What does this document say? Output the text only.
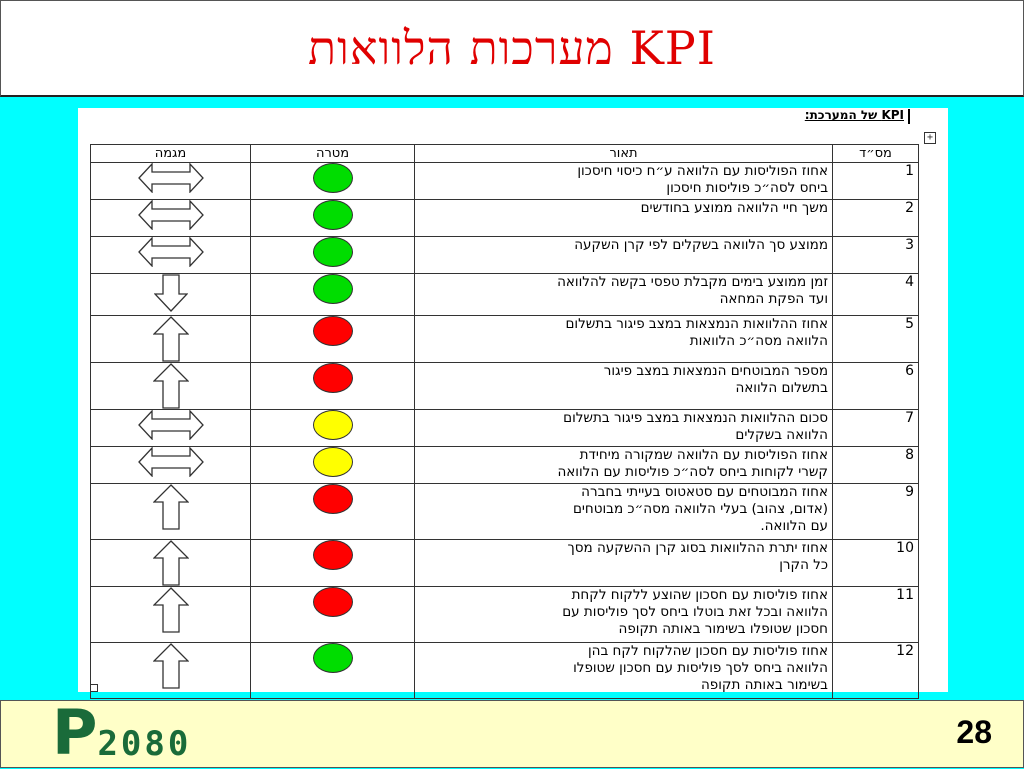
KPI מערכות הלוואות
KPI של המערכת:
+
מס״ד	תאור	מטרה	מגמה
1	אחוז הפוליסות עם הלוואה ע״ח כיסוי חיסכון
ביחס לסה״כ פוליסות חיסכון

2	משך חיי הלוואה ממוצע בחודשים

3	ממוצע סך הלוואה בשקלים לפי קרן השקעה

4	זמן ממוצע בימים מקבלת טפסי בקשה להלוואה
ועד הפקת המחאה

5	אחוז ההלוואות הנמצאות במצב פיגור בתשלום
הלוואה מסה״כ הלוואות

6	מספר המבוטחים הנמצאות במצב פיגור
בתשלום הלוואה

7	סכום ההלוואות הנמצאות במצב פיגור בתשלום
הלוואה בשקלים

8	אחוז הפוליסות עם הלוואה שמקורה מיחידת
קשרי לקוחות ביחס לסה״כ פוליסות עם הלוואה

9	אחוז המבוטחים עם סטאטוס בעייתי בחברה
(אדום, צהוב) בעלי הלוואה מסה״כ מבוטחים
עם הלוואה.

10	אחוז יתרת ההלוואות בסוג קרן ההשקעה מסך
כל הקרן

11	אחוז פוליסות עם חסכון שהוצע ללקוח לקחת
הלוואה ובכל זאת בוטלו ביחס לסך פוליסות עם
חסכון שטופלו בשימור באותה תקופה

12	אחוז פוליסות עם חסכון שהלקוח לקח בהן
הלוואה ביחס לסך פוליסות עם חסכון שטופלו
בשימור באותה תקופה

P 2080	28
